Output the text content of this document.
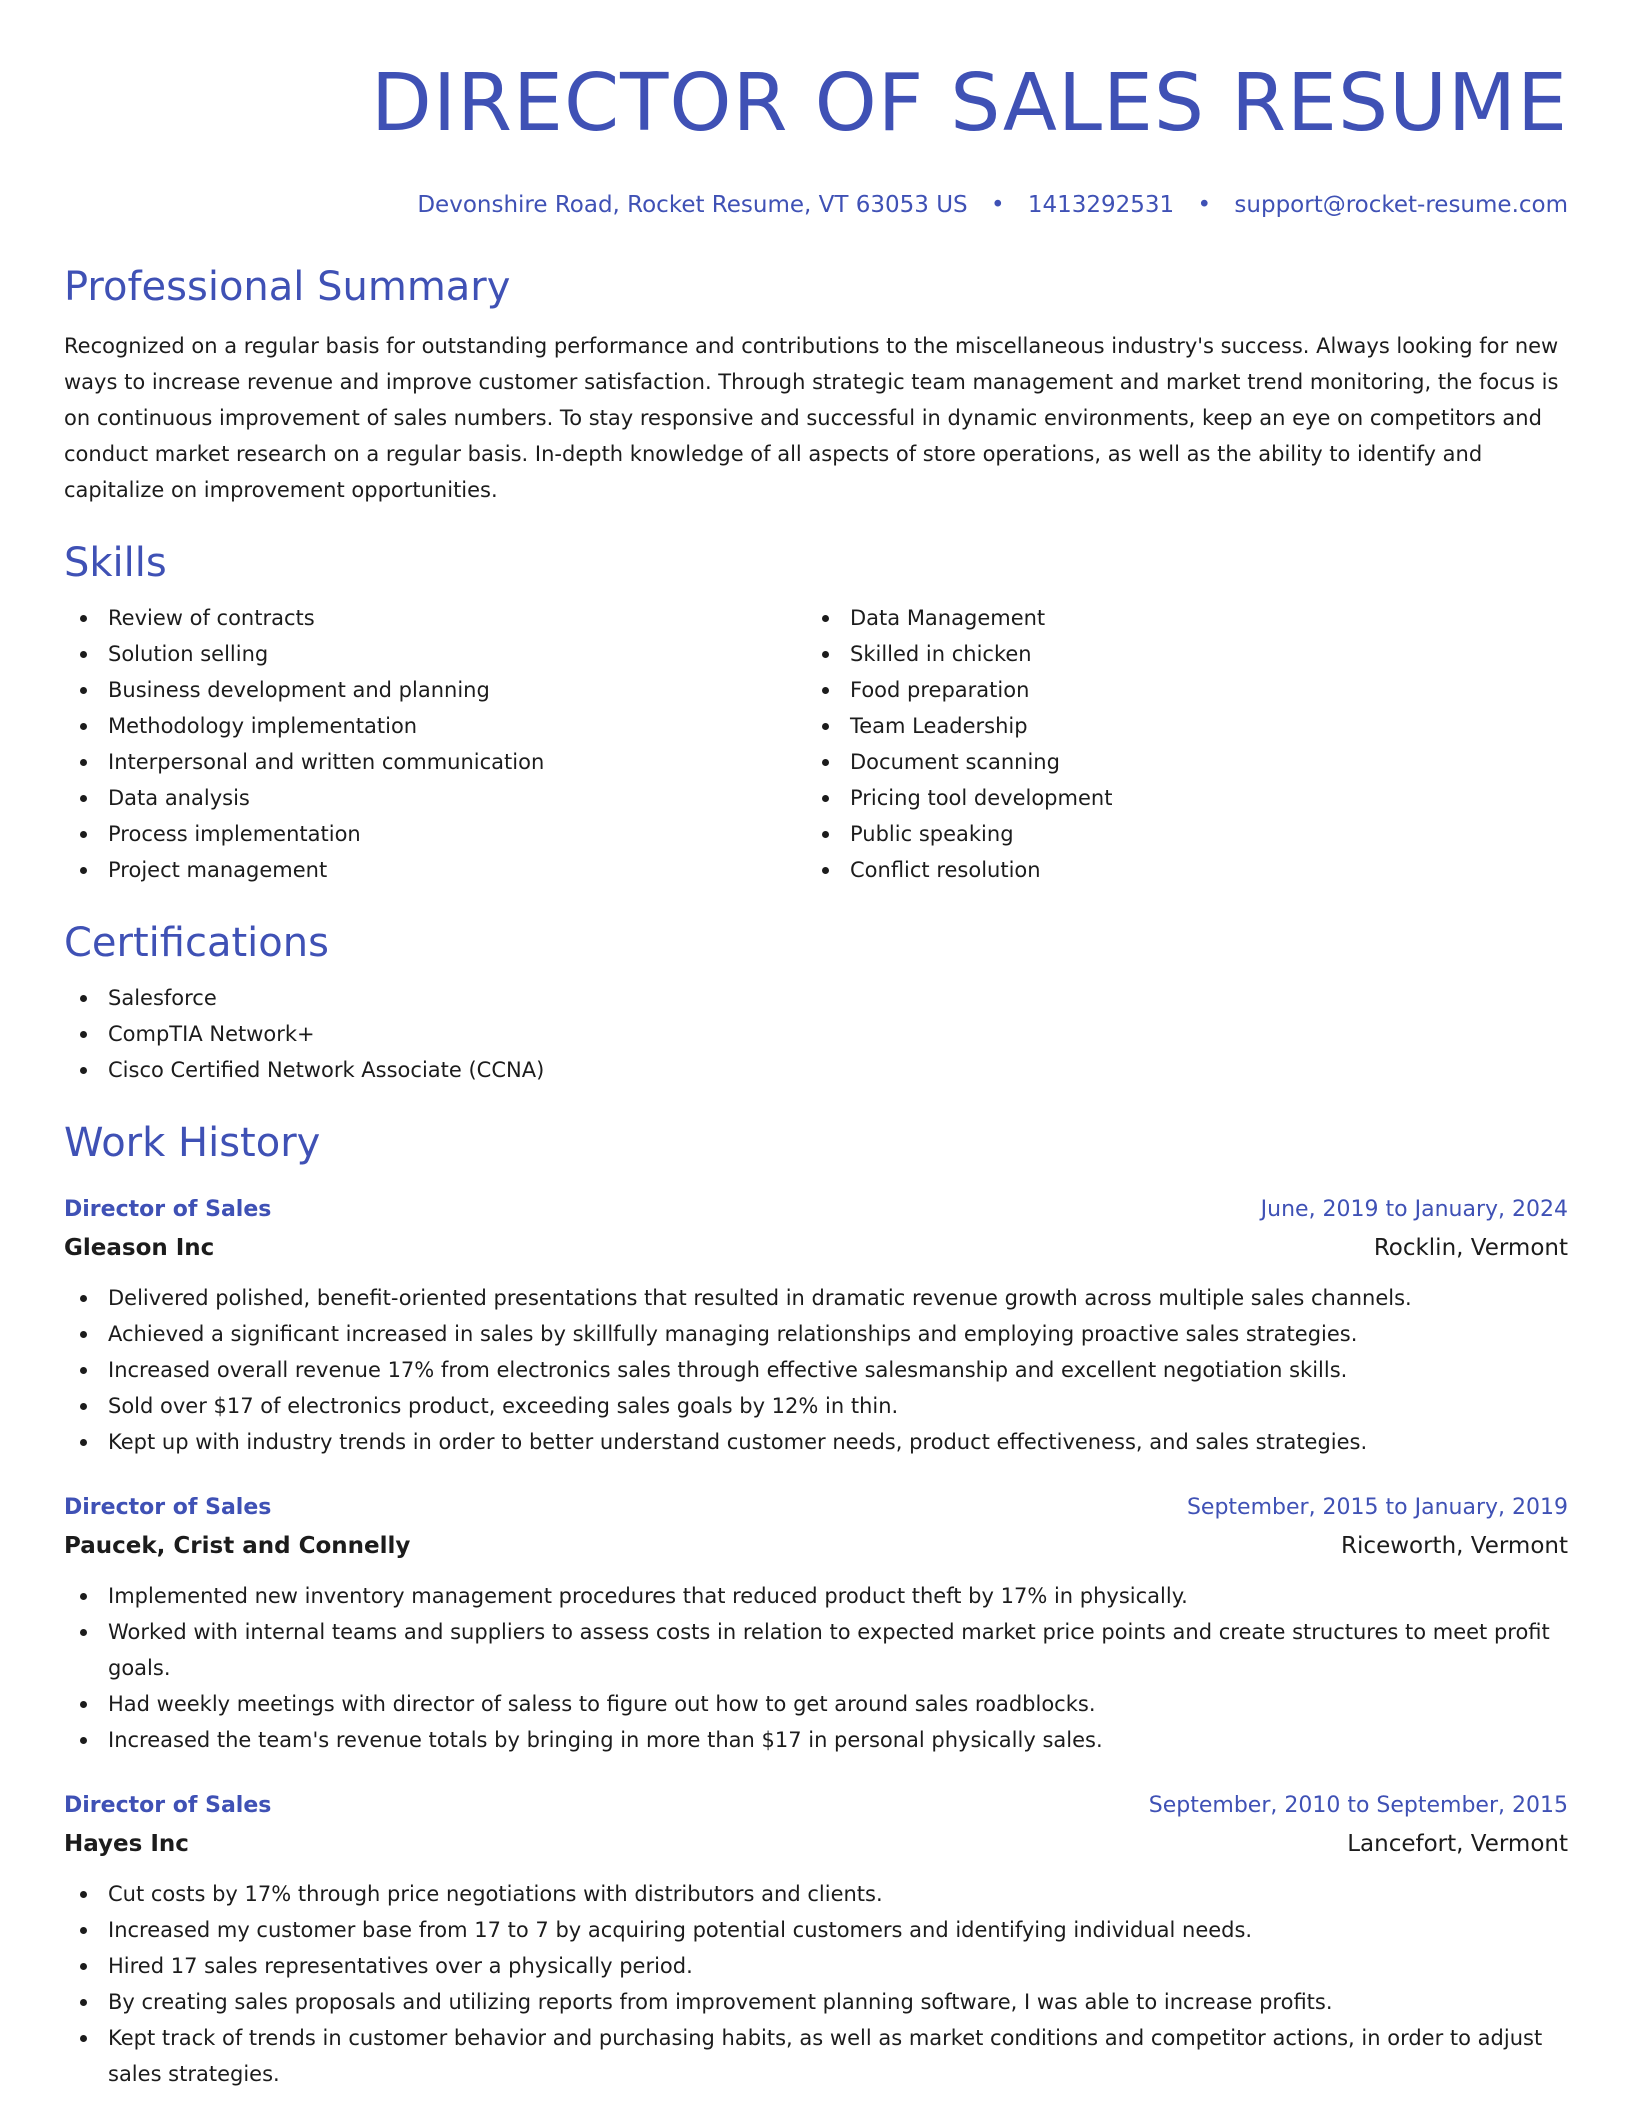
DIRECTOR OF SALES RESUME
Devonshire Road, Rocket Resume, VT 63053 US • 1413292531 • support@rocket-resume.com
Professional Summary
Recognized on a regular basis for outstanding performance and contributions to the miscellaneous industry's success. Always looking for new ways to increase revenue and improve customer satisfaction. Through strategic team management and market trend monitoring, the focus is on continuous improvement of sales numbers. To stay responsive and successful in dynamic environments, keep an eye on competitors and conduct market research on a regular basis. In-depth knowledge of all aspects of store operations, as well as the ability to identify and capitalize on improvement opportunities.
Skills
Review of contracts
Solution selling
Business development and planning
Methodology implementation
Interpersonal and written communication
Data analysis
Process implementation
Project management
Data Management
Skilled in chicken
Food preparation
Team Leadership
Document scanning
Pricing tool development
Public speaking
Conflict resolution
Certifications
Salesforce
CompTIA Network+
Cisco Certified Network Associate (CCNA)
Work History
Director of Sales	June, 2019 to January, 2024
Gleason Inc	Rocklin, Vermont
Delivered polished, benefit-oriented presentations that resulted in dramatic revenue growth across multiple sales channels.
Achieved a significant increased in sales by skillfully managing relationships and employing proactive sales strategies.
Increased overall revenue 17% from electronics sales through effective salesmanship and excellent negotiation skills.
Sold over $17 of electronics product, exceeding sales goals by 12% in thin.
Kept up with industry trends in order to better understand customer needs, product effectiveness, and sales strategies.
Director of Sales	September, 2015 to January, 2019
Paucek, Crist and Connelly	Riceworth, Vermont
Implemented new inventory management procedures that reduced product theft by 17% in physically.
Worked with internal teams and suppliers to assess costs in relation to expected market price points and create structures to meet profit goals.
Had weekly meetings with director of saless to figure out how to get around sales roadblocks.
Increased the team's revenue totals by bringing in more than $17 in personal physically sales.
Director of Sales	September, 2010 to September, 2015
Hayes Inc	Lancefort, Vermont
Cut costs by 17% through price negotiations with distributors and clients.
Increased my customer base from 17 to 7 by acquiring potential customers and identifying individual needs.
Hired 17 sales representatives over a physically period.
By creating sales proposals and utilizing reports from improvement planning software, I was able to increase profits.
Kept track of trends in customer behavior and purchasing habits, as well as market conditions and competitor actions, in order to adjust sales strategies.
